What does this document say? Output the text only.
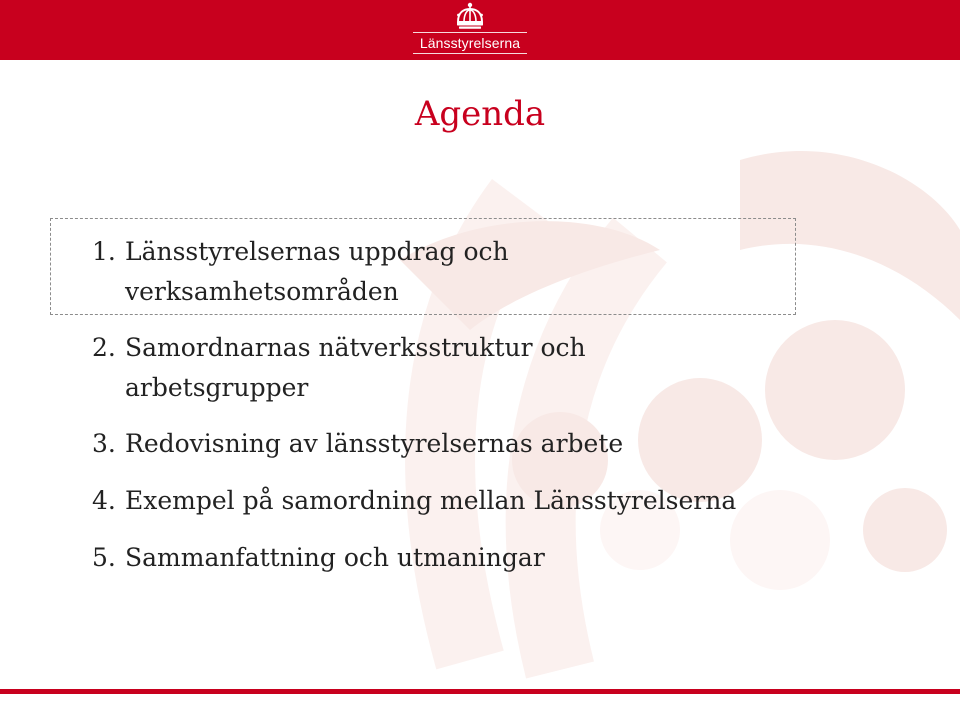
Länsstyrelserna
Agenda
1. Länsstyrelsernas uppdrag och
verksamhetsområden
2. Samordnarnas nätverksstruktur och
arbetsgrupper
3. Redovisning av länsstyrelsernas arbete
4. Exempel på samordning mellan Länsstyrelserna
5. Sammanfattning och utmaningar
